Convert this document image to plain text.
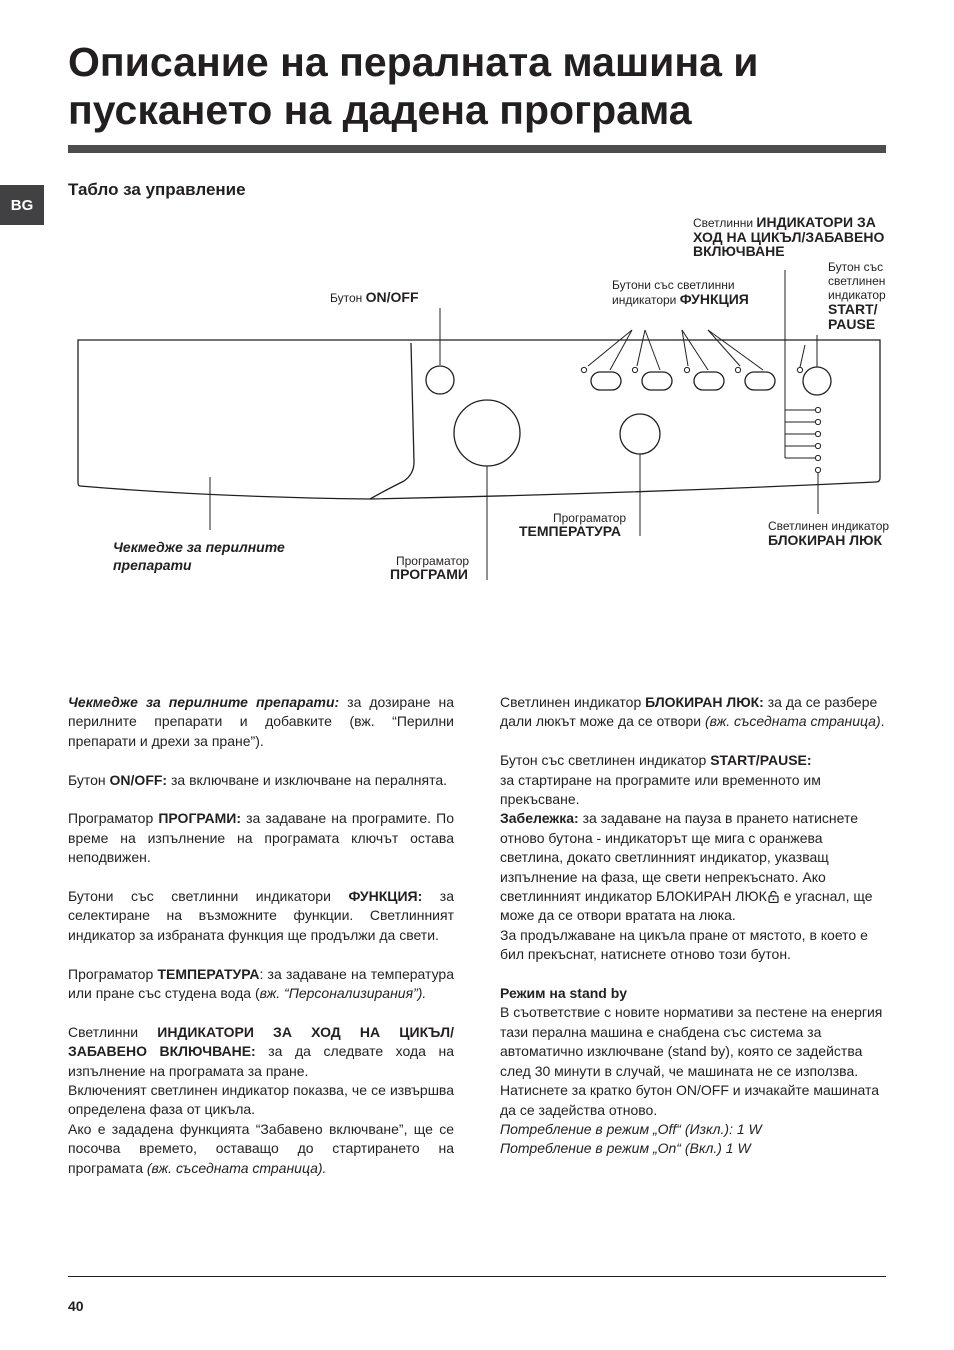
Описание на пералната машина и
пускането на дадена програма
BG
Табло за управление
Светлинни ИНДИКАТОРИ ЗА
ХОД НА ЦИКЪЛ/ЗАБАВЕНО
ВКЛЮЧВАНЕ
Бутон със
светлинен
индикатор
START/
PAUSE
Бутони със светлинни
индикатори ФУНКЦИЯ
Бутон ON/OFF
Програматор
ТЕМПЕРАТУРА	Светлинен индикатор
БЛОКИРАН ЛЮК
Чекмедже за перилните
препарати	Програматор
ПРОГРАМИ

Чекмедже за перилните препарати: за дозиране на перилните препарати и добавките (вж. “Перилни препарати и дрехи за пране”).

Бутон ON/OFF: за включване и изключване на пералнята.

Програматор ПРОГРАМИ: за задаване на програмите. По време на изпълнение на програмата ключът остава неподвижен.

Бутони със светлинни индикатори ФУНКЦИЯ: за селектиране на възможните функции. Светлинният индикатор за избраната функция ще продължи да свети.

Програматор ТЕМПЕРАТУРА: за задаване на температура или пране със студена вода (вж. “Персонализирания”).

Светлинни ИНДИКАТОРИ ЗА ХОД НА ЦИКЪЛ/ ЗАБАВЕНО ВКЛЮЧВАНЕ: за да следвате хода на изпълнение на програмата за пране.

Включеният светлинен индикатор показва, че се извършва определена фаза от цикъла.

Ако е зададена функцията “Забавено включване”, ще се посочва времето, оставащо до стартирането на програмата (вж. съседната страница).

Светлинен индикатор БЛОКИРАН ЛЮК: за да се разбере дали люкът може да се отвори (вж. съседната страница).

Бутон със светлинен индикатор START/PAUSE:
за стартиране на програмите или временното им прекъсване.

Забележка: за задаване на пауза в прането натиснете отново бутона - индикаторът ще мига с оранжева светлина, докато светлинният индикатор, указващ изпълнение на фаза, ще свети непрекъснато. Ако светлинният индикатор БЛОКИРАН ЛЮК е угаснал, ще може да се отвори вратата на люка.

За продължаване на цикъла пране от мястото, в което е бил прекъснат, натиснете отново този бутон.

Режим на stand by

В съответствие с новите нормативи за пестене на енергия тази перална машина е снабдена със система за автоматично изключване (stand by), която се задейства след 30 минути в случай, че машината не се използва. Натиснете за кратко бутон ON/OFF и изчакайте машината да се задейства отново.

Потребление в режим „Off“ (Изкл.): 1 W

Потребление в режим „On“ (Вкл.) 1 W

40
